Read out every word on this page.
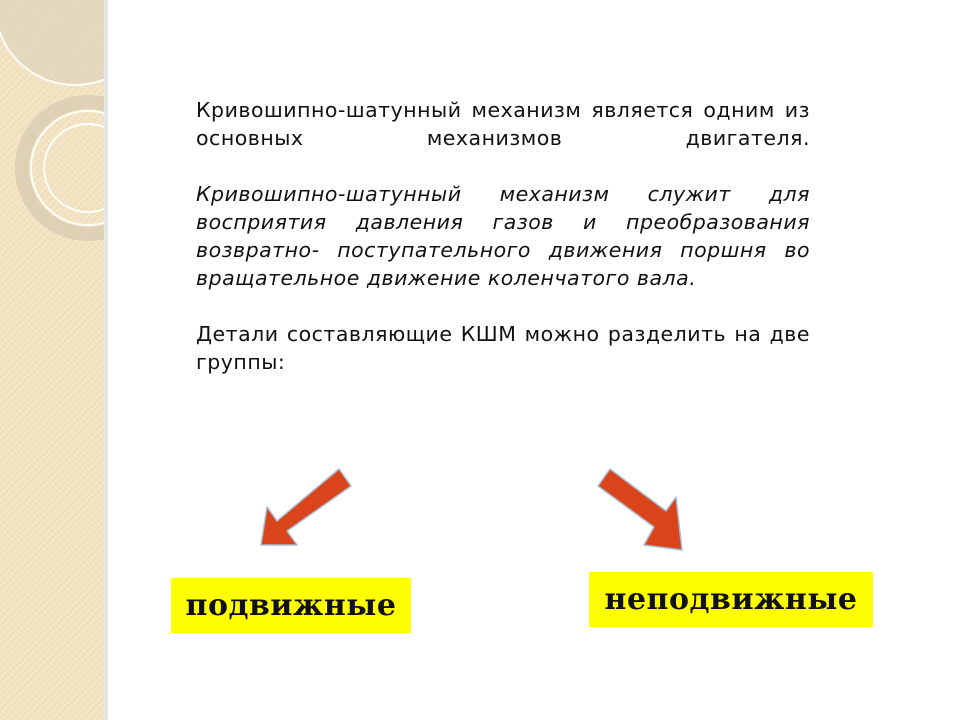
Кривошипно-шатунный механизм является одним из основных механизмов двигателя.

Кривошипно-шатунный механизм служит для восприятия давления газов и преобразования возвратно- поступательного движения поршня во вращательное движение коленчатого вала.

Детали составляющие КШМ можно разделить на две группы:

подвижные	неподвижные
